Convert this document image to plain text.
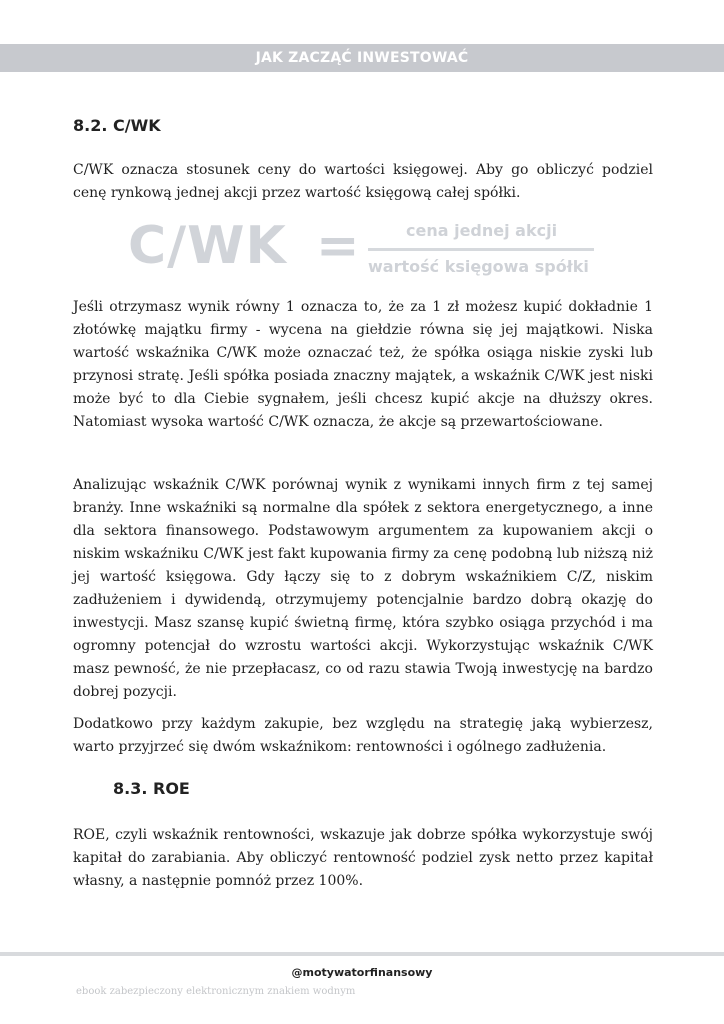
JAK ZACZĄĆ INWESTOWAĆ
8.2. C/WK

C/WK oznacza stosunek ceny do wartości księgowej. Aby go obliczyć podziel cenę rynkową jednej akcji przez wartość księgową całej spółki.

C/WK =	cena jednej akcji
wartość księgowa spółki

Jeśli otrzymasz wynik równy 1 oznacza to, że za 1 zł możesz kupić dokładnie 1 złotówkę majątku firmy - wycena na giełdzie równa się jej majątkowi. Niska wartość wskaźnika C/WK może oznaczać też, że spółka osiąga niskie zyski lub przynosi stratę. Jeśli spółka posiada znaczny majątek, a wskaźnik C/WK jest niski może być to dla Ciebie sygnałem, jeśli chcesz kupić akcje na dłuższy okres. Natomiast wysoka wartość C/WK oznacza, że akcje są przewartościowane.

Analizując wskaźnik C/WK porównaj wynik z wynikami innych firm z tej samej branży. Inne wskaźniki są normalne dla spółek z sektora energetycznego, a inne dla sektora finansowego. Podstawowym argumentem za kupowaniem akcji o niskim wskaźniku C/WK jest fakt kupowania firmy za cenę podobną lub niższą niż jej wartość księgowa. Gdy łączy się to z dobrym wskaźnikiem C/Z, niskim zadłużeniem i dywidendą, otrzymujemy potencjalnie bardzo dobrą okazję do inwestycji. Masz szansę kupić świetną firmę, która szybko osiąga przychód i ma ogromny potencjał do wzrostu wartości akcji. Wykorzystując wskaźnik C/WK masz pewność, że nie przepłacasz, co od razu stawia Twoją inwestycję na bardzo dobrej pozycji.

Dodatkowo przy każdym zakupie, bez względu na strategię jaką wybierzesz, warto przyjrzeć się dwóm wskaźnikom: rentowności i ogólnego zadłużenia.

8.3. ROE

ROE, czyli wskaźnik rentowności, wskazuje jak dobrze spółka wykorzystuje swój kapitał do zarabiania. Aby obliczyć rentowność podziel zysk netto przez kapitał własny, a następnie pomnóż przez 100%.

@motywatorfinansowy
ebook zabezpieczony elektronicznym znakiem wodnym
